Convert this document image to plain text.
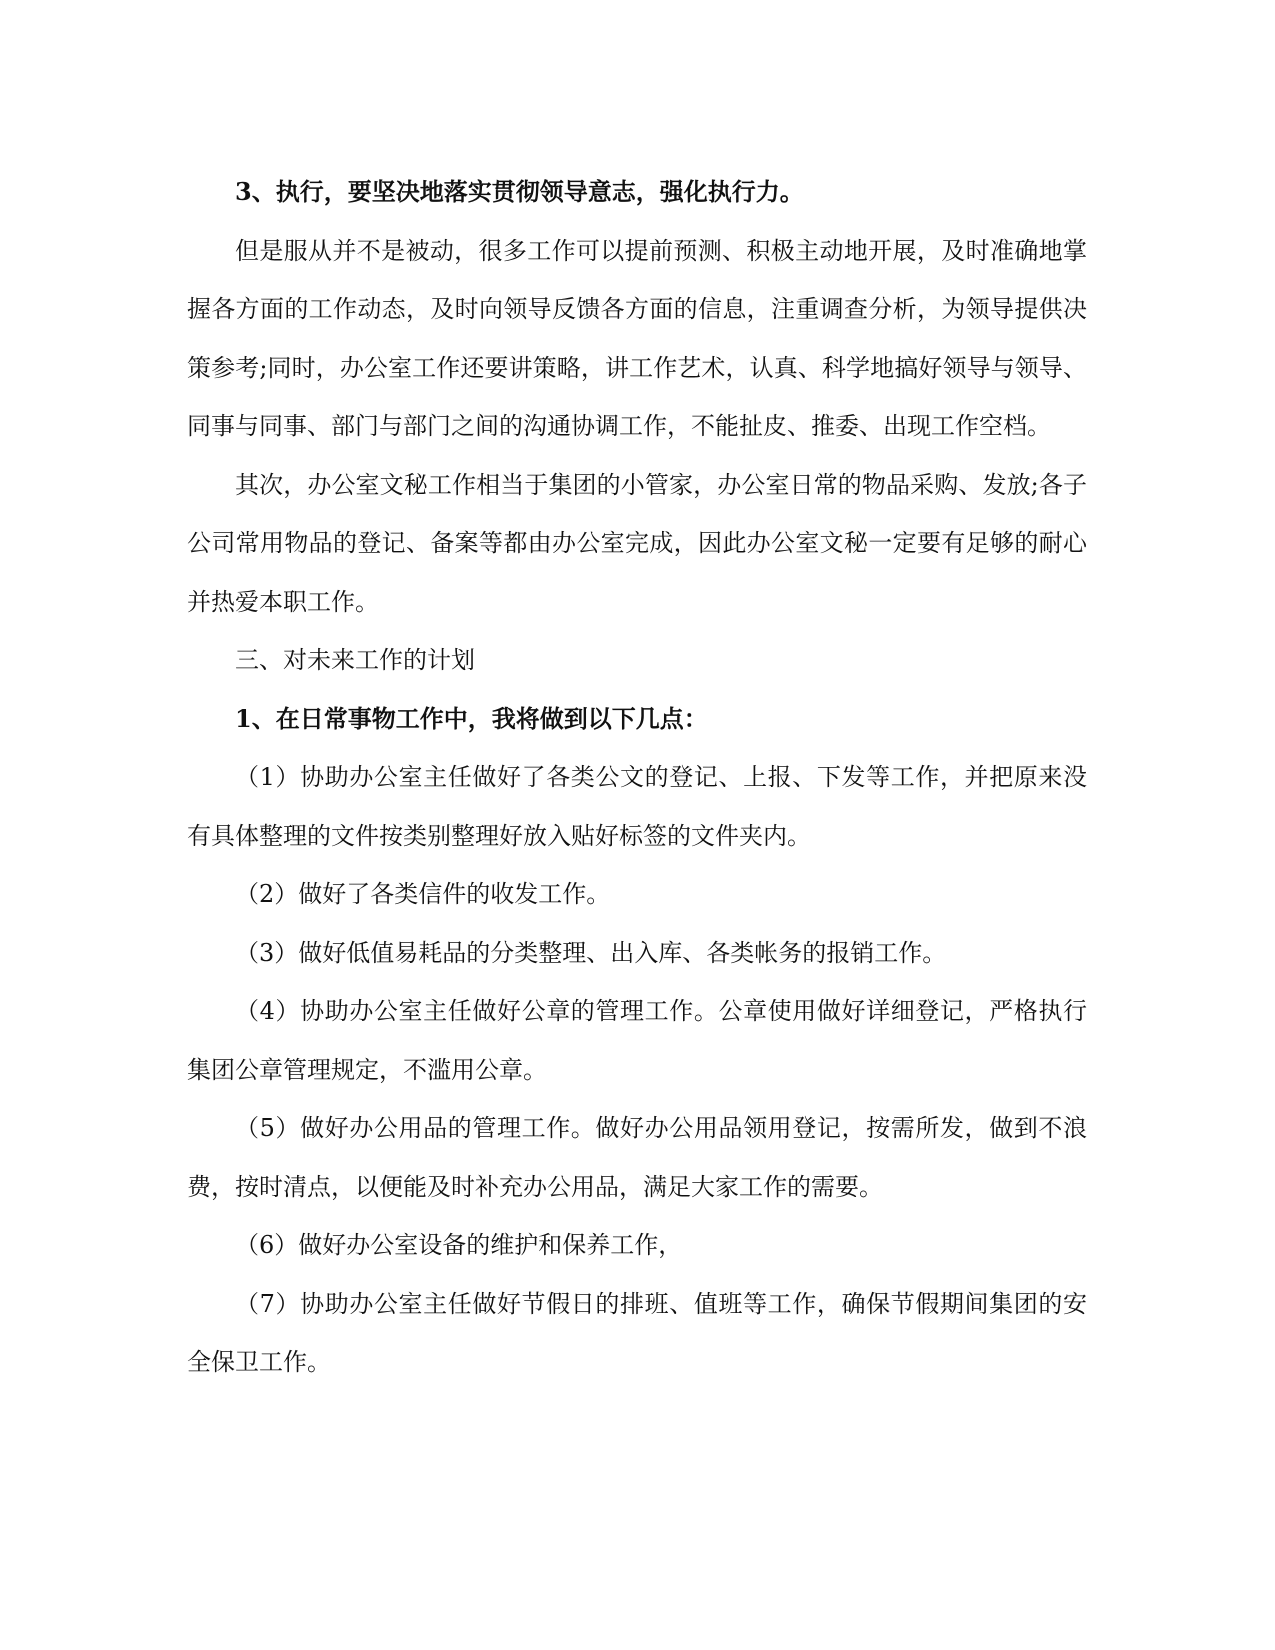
3、执行，要坚决地落实贯彻领导意志，强化执行力。

但是服从并不是被动，很多工作可以提前预测、积极主动地开展，及时准确地掌握各方面的工作动态，及时向领导反馈各方面的信息，注重调查分析，为领导提供决策参考;同时，办公室工作还要讲策略，讲工作艺术，认真、科学地搞好领导与领导、同事与同事、部门与部门之间的沟通协调工作，不能扯皮、推委、出现工作空档。

其次，办公室文秘工作相当于集团的小管家，办公室日常的物品采购、发放;各子公司常用物品的登记、备案等都由办公室完成，因此办公室文秘一定要有足够的耐心并热爱本职工作。

三、对未来工作的计划

1、在日常事物工作中，我将做到以下几点：

（1）协助办公室主任做好了各类公文的登记、上报、下发等工作，并把原来没有具体整理的文件按类别整理好放入贴好标签的文件夹内。

（2）做好了各类信件的收发工作。

（3）做好低值易耗品的分类整理、出入库、各类帐务的报销工作。

（4）协助办公室主任做好公章的管理工作。公章使用做好详细登记，严格执行集团公章管理规定，不滥用公章。

（5）做好办公用品的管理工作。做好办公用品领用登记，按需所发，做到不浪费，按时清点，以便能及时补充办公用品，满足大家工作的需要。

（6）做好办公室设备的维护和保养工作，

（7）协助办公室主任做好节假日的排班、值班等工作，确保节假期间集团的安全保卫工作。
